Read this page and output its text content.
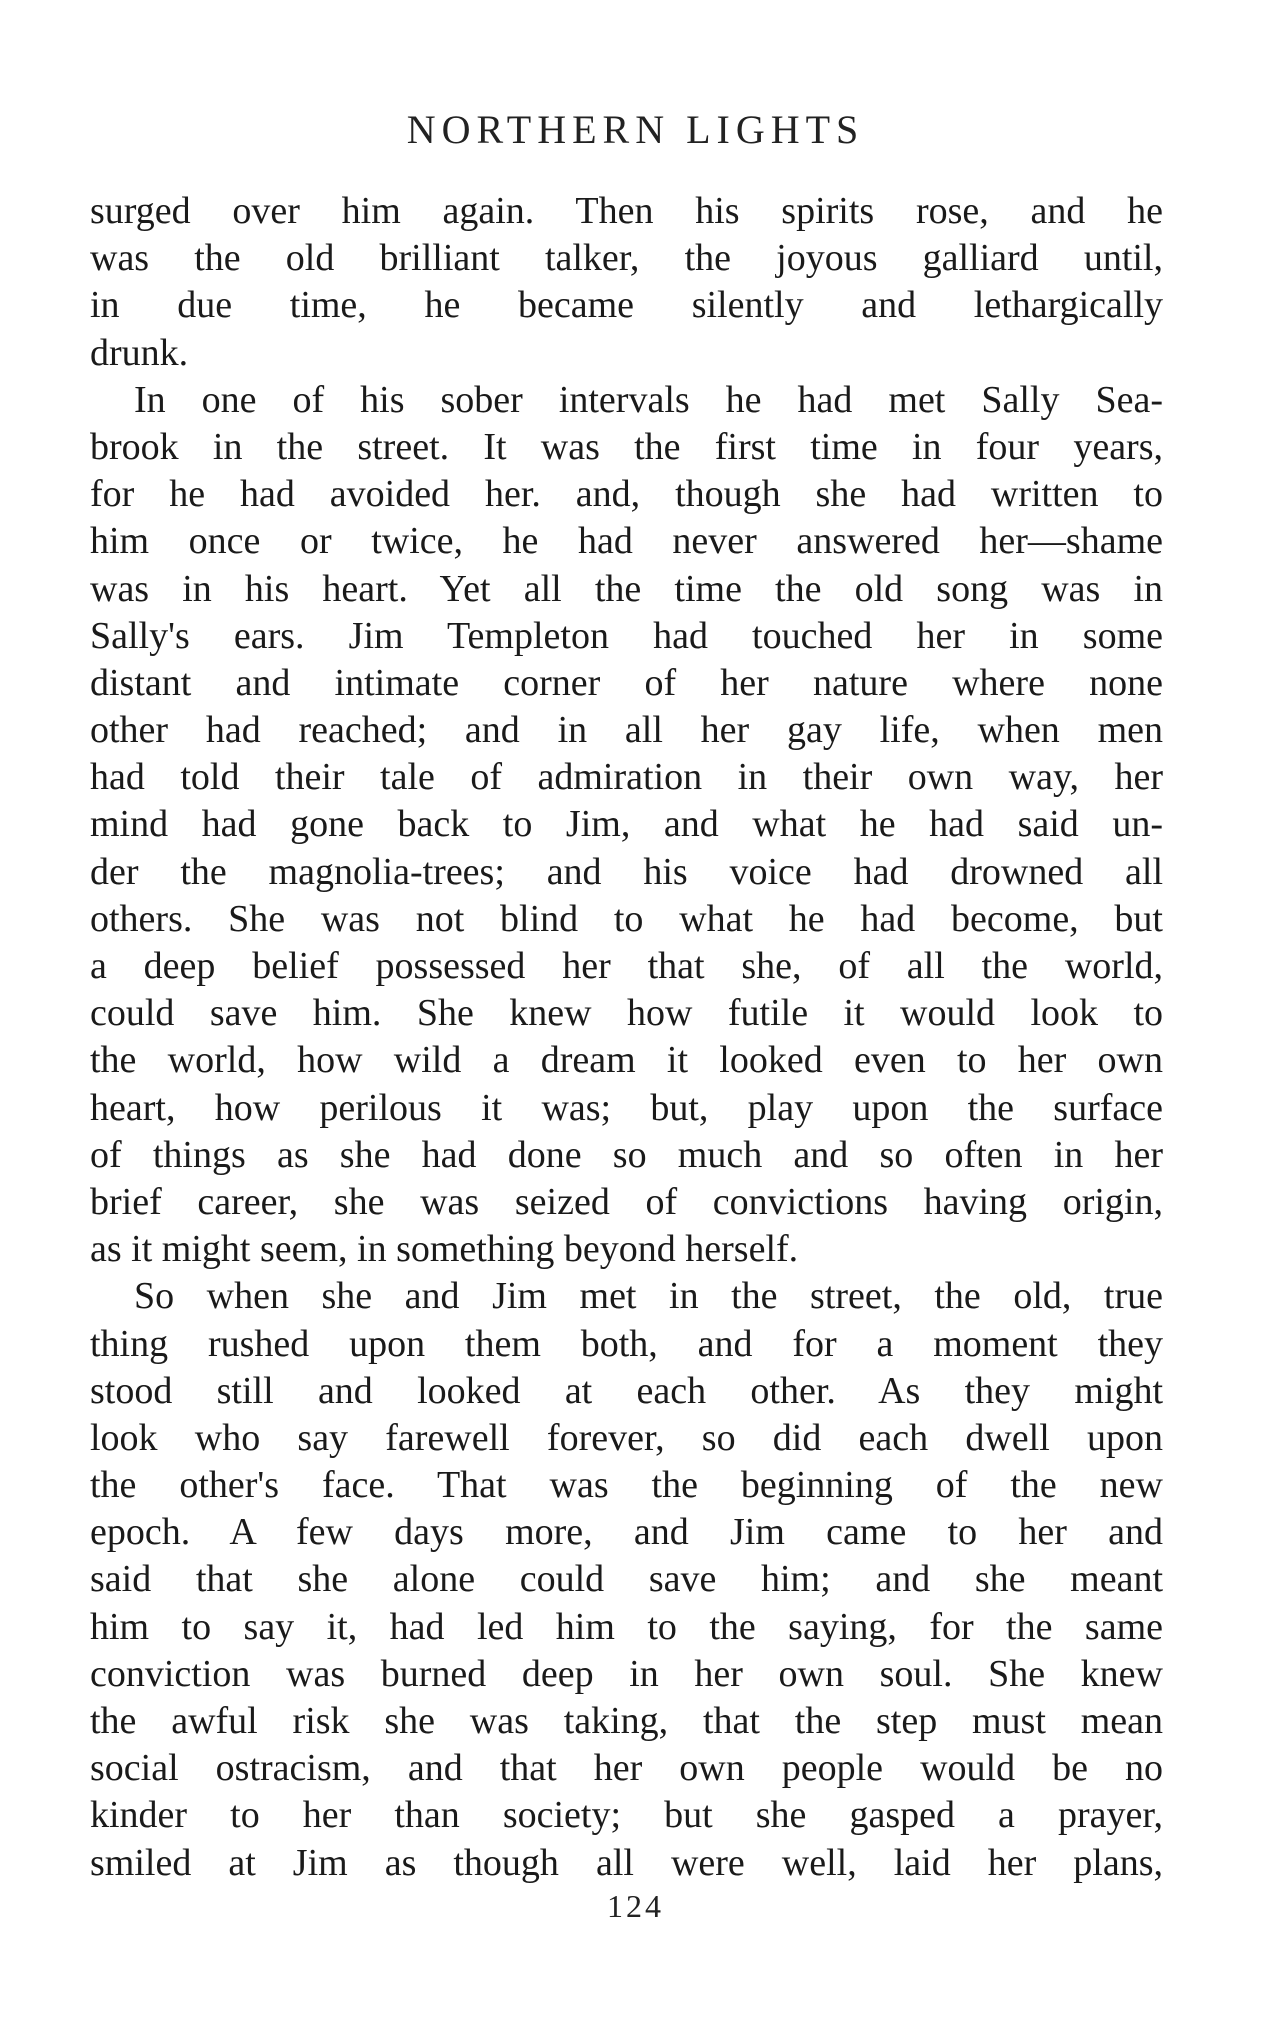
NORTHERN LIGHTS
surged over him again. Then his spirits rose, and he
was the old brilliant talker, the joyous galliard until,
in due time, he became silently and lethargically
drunk.
In one of his sober intervals he had met Sally Sea-
brook in the street. It was the first time in four years,
for he had avoided her. and, though she had written to
him once or twice, he had never answered her—shame
was in his heart. Yet all the time the old song was in
Sally's ears. Jim Templeton had touched her in some
distant and intimate corner of her nature where none
other had reached; and in all her gay life, when men
had told their tale of admiration in their own way, her
mind had gone back to Jim, and what he had said un-
der the magnolia-trees; and his voice had drowned all
others. She was not blind to what he had become, but
a deep belief possessed her that she, of all the world,
could save him. She knew how futile it would look to
the world, how wild a dream it looked even to her own
heart, how perilous it was; but, play upon the surface
of things as she had done so much and so often in her
brief career, she was seized of convictions having origin,
as it might seem, in something beyond herself.
So when she and Jim met in the street, the old, true
thing rushed upon them both, and for a moment they
stood still and looked at each other. As they might
look who say farewell forever, so did each dwell upon
the other's face. That was the beginning of the new
epoch. A few days more, and Jim came to her and
said that she alone could save him; and she meant
him to say it, had led him to the saying, for the same
conviction was burned deep in her own soul. She knew
the awful risk she was taking, that the step must mean
social ostracism, and that her own people would be no
kinder to her than society; but she gasped a prayer,
smiled at Jim as though all were well, laid her plans,
124
